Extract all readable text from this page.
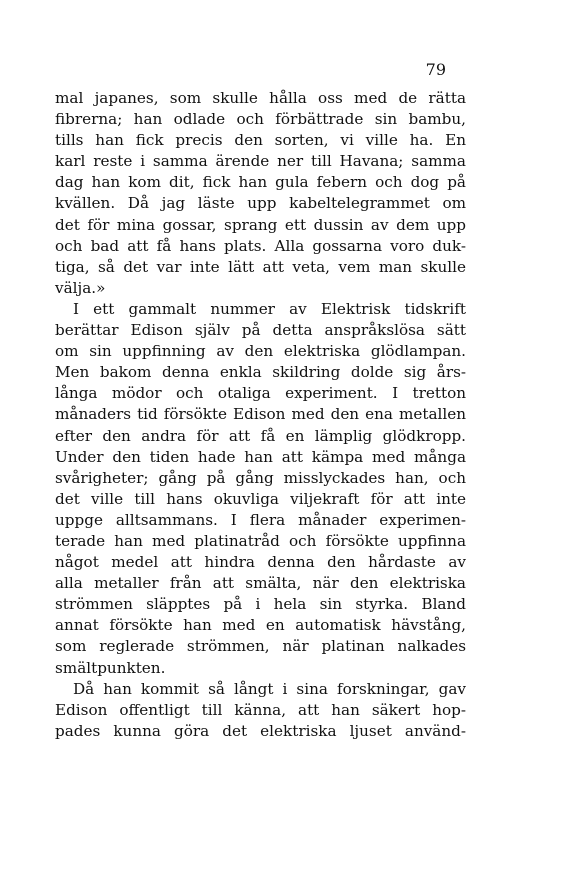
79
mal japanes, som skulle hålla oss med de rätta
fibrerna; han odlade och förbättrade sin bambu,
tills han fick precis den sorten, vi ville ha. En
karl reste i samma ärende ner till Havana; samma
dag han kom dit, fick han gula febern och dog på
kvällen. Då jag läste upp kabeltelegrammet om
det för mina gossar, sprang ett dussin av dem upp
och bad att få hans plats. Alla gossarna voro duk-
tiga, så det var inte lätt att veta, vem man skulle
välja.»
I ett gammalt nummer av Elektrisk tidskrift
berättar Edison själv på detta anspråkslösa sätt
om sin uppfinning av den elektriska glödlampan.
Men bakom denna enkla skildring dolde sig års-
långa mödor och otaliga experiment. I tretton
månaders tid försökte Edison med den ena metallen
efter den andra för att få en lämplig glödkropp.
Under den tiden hade han att kämpa med många
svårigheter; gång på gång misslyckades han, och
det ville till hans okuvliga viljekraft för att inte
uppge alltsammans. I flera månader experimen-
terade han med platinatråd och försökte uppfinna
något medel att hindra denna den hårdaste av
alla metaller från att smälta, när den elektriska
strömmen släpptes på i hela sin styrka. Bland
annat försökte han med en automatisk hävstång,
som reglerade strömmen, när platinan nalkades
smältpunkten.
Då han kommit så långt i sina forskningar, gav
Edison offentligt till känna, att han säkert hop-
pades kunna göra det elektriska ljuset använd-
